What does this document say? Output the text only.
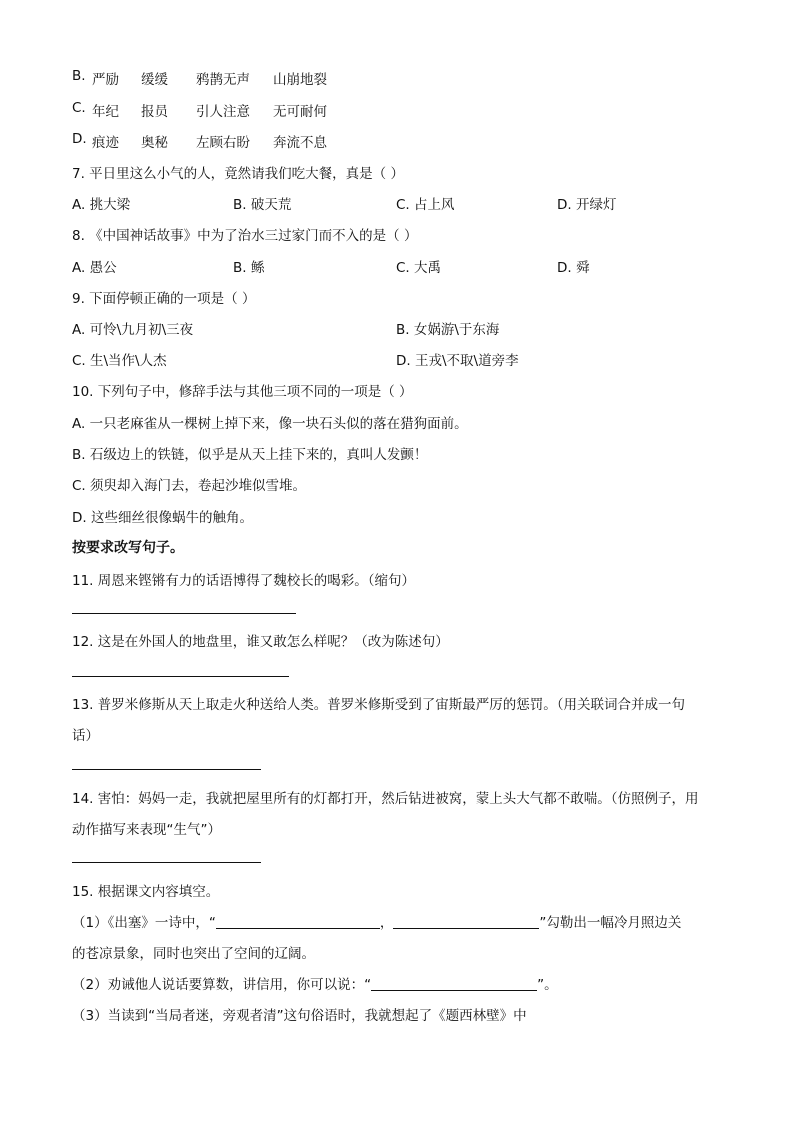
B. 严励 缓缓 鸦鹊无声 山崩地裂
C. 年纪 报员 引人注意 无可耐何
D. 痕迹 奥秘 左顾右盼 奔流不息
7. 平日里这么小气的人，竟然请我们吃大餐，真是（ ）
A. 挑大梁	B. 破天荒	C. 占上风	D. 开绿灯
8. 《中国神话故事》中为了治水三过家门而不入的是（ ）
A. 愚公	B. 鲧	C. 大禹	D. 舜
9. 下面停顿正确的一项是（ ）
A. 可怜\九月初\三夜	B. 女娲游\于东海
C. 生\当作\人杰	D. 王戎\不取\道旁李
10. 下列句子中，修辞手法与其他三项不同的一项是（ ）
A. 一只老麻雀从一棵树上掉下来，像一块石头似的落在猎狗面前。
B. 石级边上的铁链，似乎是从天上挂下来的，真叫人发颤！
C. 须臾却入海门去，卷起沙堆似雪堆。
D. 这些细丝很像蜗牛的触角。
按要求改写句子。
11. 周恩来铿锵有力的话语博得了魏校长的喝彩。（缩句）
12. 这是在外国人的地盘里，谁又敢怎么样呢？（改为陈述句）
13. 普罗米修斯从天上取走火种送给人类。普罗米修斯受到了宙斯最严厉的惩罚。（用关联词合并成一句
话）
14. 害怕：妈妈一走，我就把屋里所有的灯都打开，然后钻进被窝，蒙上头大气都不敢喘。（仿照例子，用
动作描写来表现“生气”）
15. 根据课文内容填空。
（1）《出塞》一诗中，“	，	”勾勒出一幅冷月照边关
的苍凉景象，同时也突出了空间的辽阔。
（2）劝诫他人说话要算数，讲信用，你可以说：“	”。
（3）当读到“当局者迷，旁观者清”这句俗语时，我就想起了《题西林壁》中
